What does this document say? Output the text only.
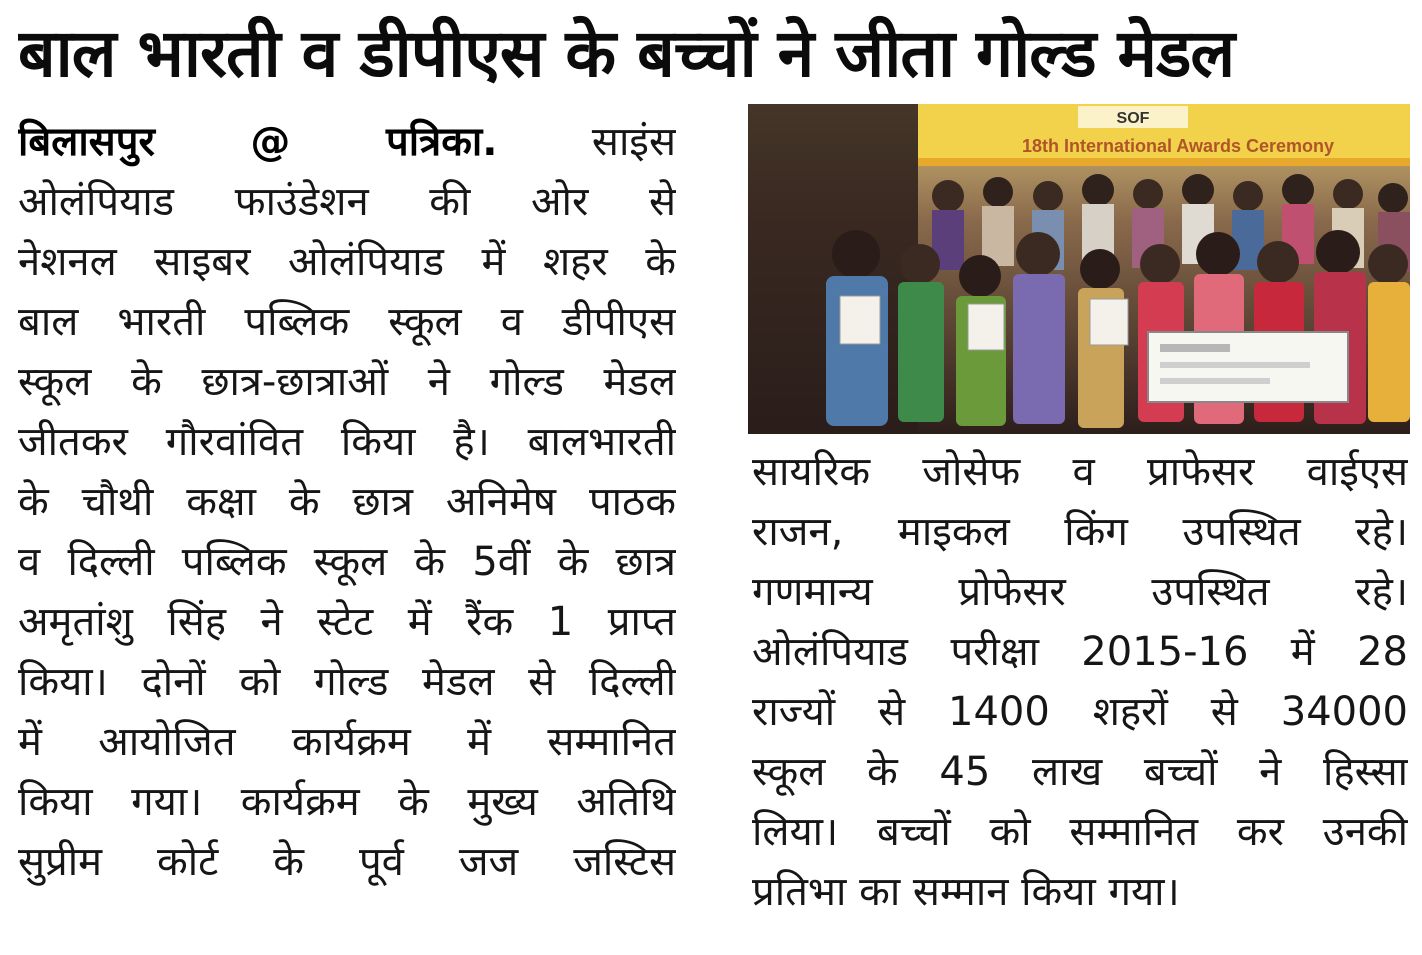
बाल भारती व डीपीएस के बच्चों ने जीता गोल्ड मेडल
बिलासपुर @ पत्रिका. साइंस
ओलंपियाड फाउंडेशन की ओर से
नेशनल साइबर ओलंपियाड में शहर के
बाल भारती पब्लिक स्कूल व डीपीएस
स्कूल के छात्र-छात्राओं ने गोल्ड मेडल
जीतकर गौरवांवित किया है। बालभारती
के चौथी कक्षा के छात्र अनिमेष पाठक
व दिल्ली पब्लिक स्कूल के 5वीं के छात्र
अमृतांशु सिंह ने स्टेट में रैंक 1 प्राप्त
किया। दोनों को गोल्ड मेडल से दिल्ली
में आयोजित कार्यक्रम में सम्मानित
किया गया। कार्यक्रम के मुख्य अतिथि
सुप्रीम कोर्ट के पूर्व जज जस्टिस
SOF
18th International Awards Ceremony
सायरिक जोसेफ व प्राफेसर वाईएस
राजन, माइकल किंग उपस्थित रहे।
गणमान्य प्रोफेसर उपस्थित रहे।
ओलंपियाड परीक्षा 2015-16 में 28
राज्यों से 1400 शहरों से 34000
स्कूल के 45 लाख बच्चों ने हिस्सा
लिया। बच्चों को सम्मानित कर उनकी
प्रतिभा का सम्मान किया गया।
